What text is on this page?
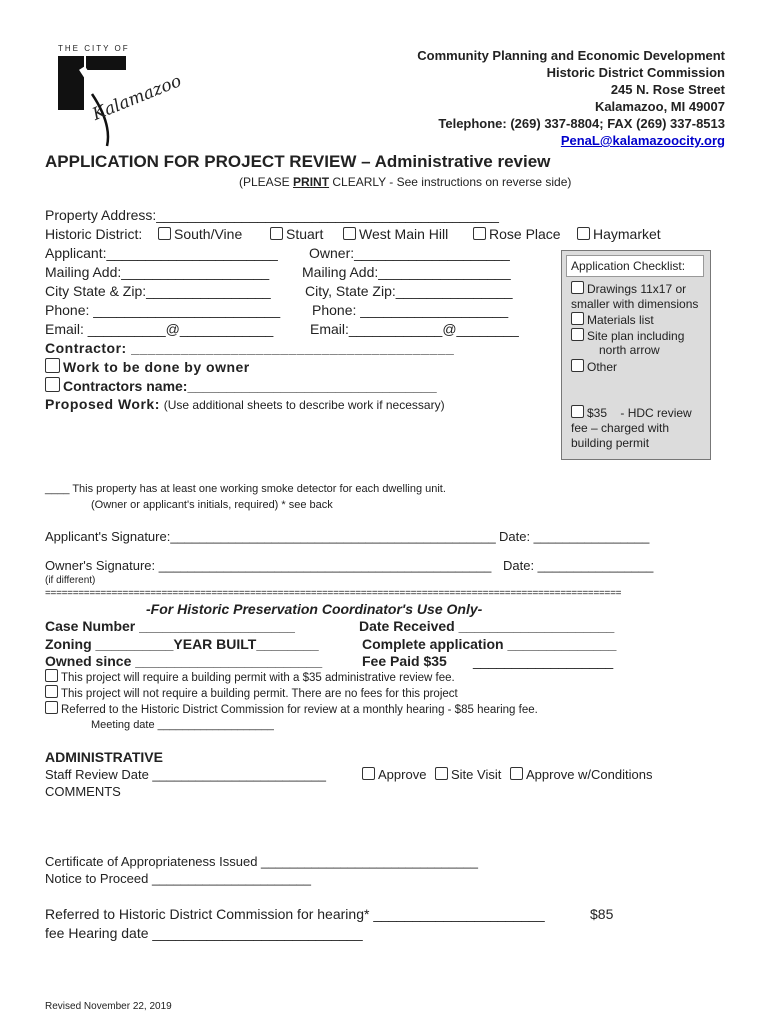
THE CITY OF
Kalamazoo
Community Planning and Economic Development
Historic District Commission
245 N. Rose Street
Kalamazoo, MI 49007
Telephone: (269) 337-8804; FAX (269) 337-8513
PenaL@kalamazoocity.org
APPLICATION FOR PROJECT REVIEW – Administrative review
(PLEASE PRINT CLEARLY - See instructions on reverse side)
Property Address:____________________________________________
Historic District:	South/Vine	Stuart	West Main Hill	Rose Place	Haymarket
Applicant:______________________ Owner:____________________
Mailing Add:___________________ Mailing Add:_________________
City State & Zip:________________ City, State Zip:_______________
Phone: ________________________ Phone: ___________________
Email: __________@____________	Email:____________@________
Contractor: _______________________________________
Work to be done by owner
Contractors name:________________________________
Proposed Work: (Use additional sheets to describe work if necessary)
Application Checklist:
Drawings 11x17 or
smaller with dimensions
Materials list
Site plan including
north arrow
Other
$35    - HDC review
fee – charged with
building permit
____ This property has at least one working smoke detector for each dwelling unit.
(Owner or applicant's initials, required) * see back
Applicant's Signature:_____________________________________________ Date: ________________
Owner's Signature: ______________________________________________ Date: ________________
(if different)
========================================================================================================
-For Historic Preservation Coordinator's Use Only-
Case Number ____________________	Date Received ____________________
Zoning __________YEAR BUILT________	Complete application ______________
Owned since ________________________	Fee Paid $35 __________________
This project will require a building permit with a $35 administrative review fee.
This project will not require a building permit. There are no fees for this project
Referred to the Historic District Commission for review at a monthly hearing - $85 hearing fee.
Meeting date ___________________
ADMINISTRATIVE
Staff Review Date ________________________
COMMENTS
Approve	Site Visit	Approve w/Conditions
Certificate of Appropriateness Issued ______________________________
Notice to Proceed ______________________
Referred to Historic District Commission for hearing* ______________________	$85
fee Hearing date ___________________________
Revised November 22, 2019
